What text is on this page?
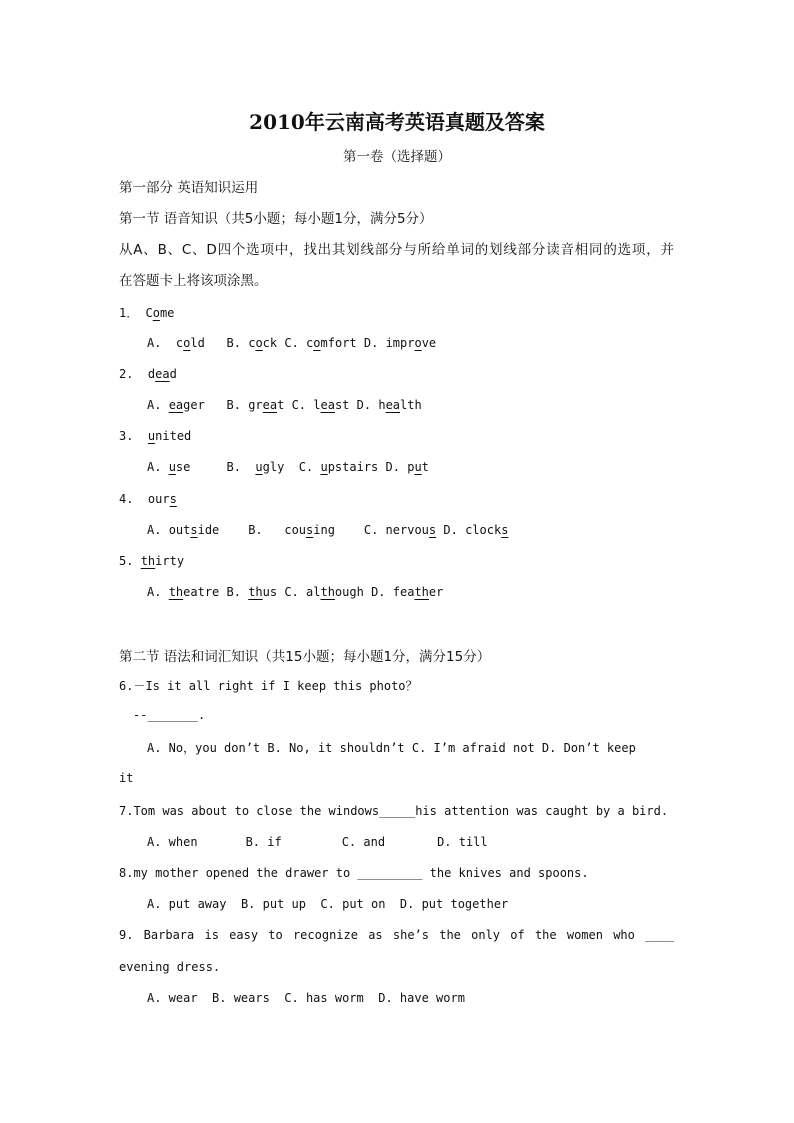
2010年云南高考英语真题及答案
第一卷（选择题）
第一部分 英语知识运用
第一节 语音知识（共5小题；每小题1分，满分5分）
从A、B、C、D四个选项中，找出其划线部分与所给单词的划线部分读音相同的选项，并
在答题卡上将该项涂黑。
1． Come
A. cold B. cock C. comfort D. improve
2. dead
A. eager B. great C. least D. health
3. united
A. use	B. ugly C. upstairs D. put
4. ours
A. outside B. cousing C. nervous D. clocks
5. thirty
A. theatre B. thus C. although D. feather
第二节 语法和词汇知识（共15小题；每小题1分，满分15分）
6.－Is it all right if I keep this photo？
--_______.
A. No，you don’t B. No, it shouldn’t C. I’m afraid not D. Don’t keep
it
7.Tom was about to close the windows_____his attention was caught by a bird.
A. when	B. if	C. and	D. till
8.my mother opened the drawer to _________ the knives and spoons.
A. put away B. put up C. put on D. put together
9. Barbara is easy to recognize as she’s the only of the women who ____
evening dress.
A. wear B. wears C. has worm D. have worm
